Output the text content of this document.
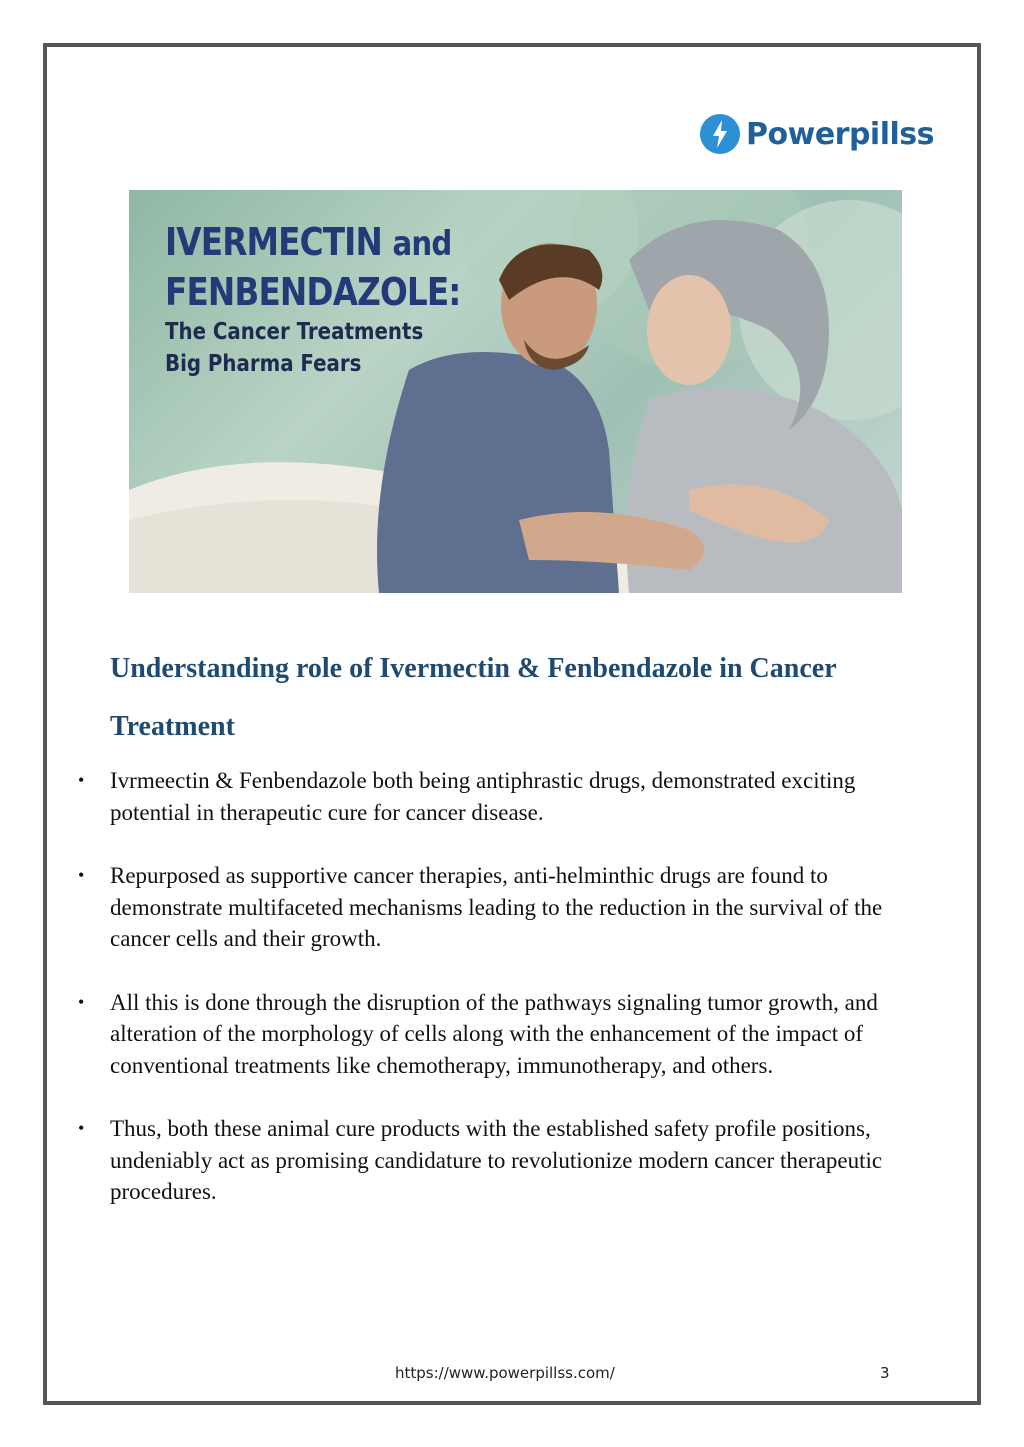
Powerpillss
IVERMECTIN and
FENBENDAZOLE:
The Cancer Treatments
Big Pharma Fears
Understanding role of Ivermectin & Fenbendazole in Cancer Treatment
• Ivrmeectin & Fenbendazole both being antiphrastic drugs, demonstrated exciting potential in therapeutic cure for cancer disease.
• Repurposed as supportive cancer therapies, anti-helminthic drugs are found to demonstrate multifaceted mechanisms leading to the reduction in the survival of the cancer cells and their growth.
• All this is done through the disruption of the pathways signaling tumor growth, and alteration of the morphology of cells along with the enhancement of the impact of conventional treatments like chemotherapy, immunotherapy, and others.
• Thus, both these animal cure products with the established safety profile positions, undeniably act as promising candidature to revolutionize modern cancer therapeutic procedures.
https://www.powerpillss.com/	3
